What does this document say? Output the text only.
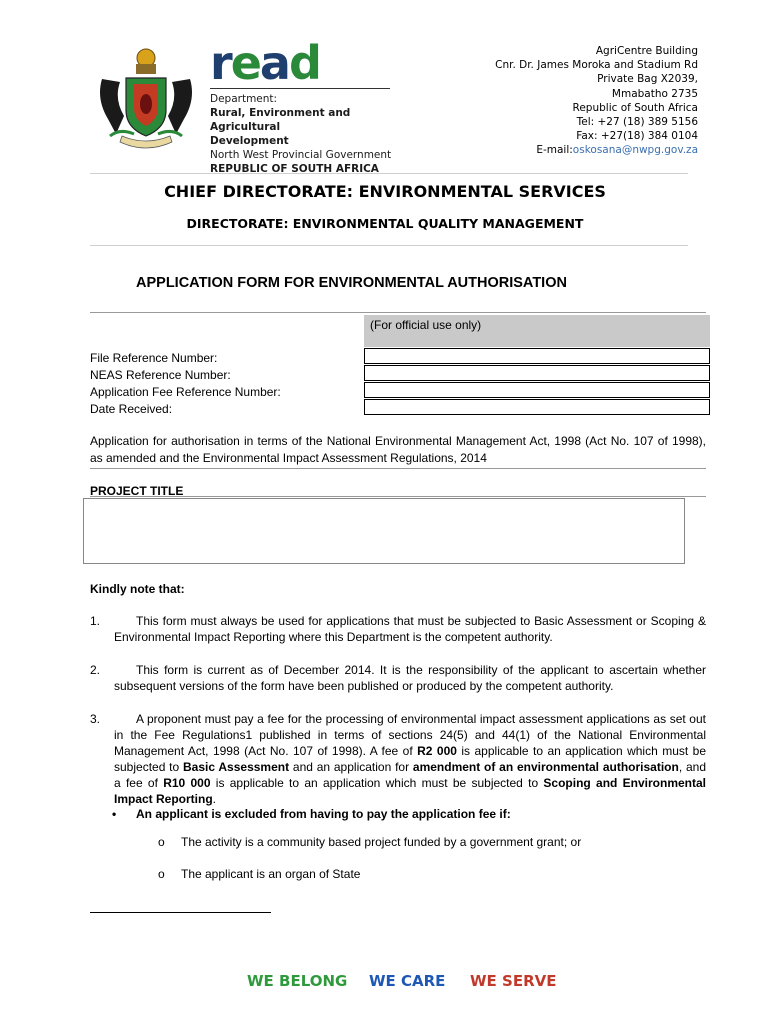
read
Department:
Rural, Environment and Agricultural
Development
North West Provincial Government
REPUBLIC OF SOUTH AFRICA
AgriCentre Building
Cnr. Dr. James Moroka and Stadium Rd
Private Bag X2039,
Mmabatho 2735
Republic of South Africa
Tel: +27 (18) 389 5156
Fax: +27(18) 384 0104
E-mail:oskosana@nwpg.gov.za
CHIEF DIRECTORATE: ENVIRONMENTAL SERVICES
DIRECTORATE: ENVIRONMENTAL QUALITY MANAGEMENT
APPLICATION FORM FOR ENVIRONMENTAL AUTHORISATION
(For official use only)
File Reference Number:
NEAS Reference Number:
Application Fee Reference Number:
Date Received:
Application for authorisation in terms of the National Environmental Management Act, 1998 (Act No. 107 of 1998), as amended and the Environmental Impact Assessment Regulations, 2014
PROJECT TITLE
Kindly note that:
1.	This form must always be used for applications that must be subjected to Basic Assessment or Scoping & Environmental Impact Reporting where this Department is the competent authority.
2.	This form is current as of December 2014. It is the responsibility of the applicant to ascertain whether subsequent versions of the form have been published or produced by the competent authority.
3.	A proponent must pay a fee for the processing of environmental impact assessment applications as set out in the Fee Regulations1 published in terms of sections 24(5) and 44(1) of the National Environmental Management Act, 1998 (Act No. 107 of 1998). A fee of R2 000 is applicable to an application which must be subjected to Basic Assessment and an application for amendment of an environmental authorisation, and a fee of R10 000 is applicable to an application which must be subjected to Scoping and Environmental Impact Reporting.
• An applicant is excluded from having to pay the application fee if:
o The activity is a community based project funded by a government grant; or
o The applicant is an organ of State
WE BELONG WE CARE WE SERVE
